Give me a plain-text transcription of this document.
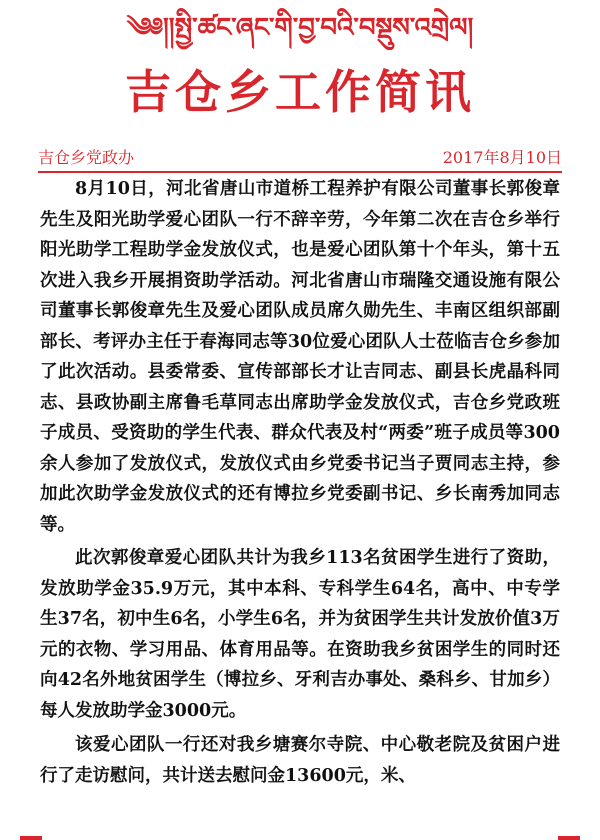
༄༅།།སྤྱི་ཚང་ཞང་གི་བྱ་བའི་བསྡུས་འགྲེལ།
吉仓乡工作简讯
吉仓乡党政办	2017年8月10日

8月10日，河北省唐山市道桥工程养护有限公司董事长郭俊章先生及阳光助学爱心团队一行不辞辛劳，今年第二次在吉仓乡举行阳光助学工程助学金发放仪式，也是爱心团队第十个年头，第十五次进入我乡开展捐资助学活动。河北省唐山市瑞隆交通设施有限公司董事长郭俊章先生及爱心团队成员席久勋先生、丰南区组织部副部长、考评办主任于春海同志等30位爱心团队人士莅临吉仓乡参加了此次活动。县委常委、宣传部部长才让吉同志、副县长虎晶科同志、县政协副主席鲁毛草同志出席助学金发放仪式，吉仓乡党政班子成员、受资助的学生代表、群众代表及村“两委”班子成员等300余人参加了发放仪式，发放仪式由乡党委书记当子贾同志主持，参加此次助学金发放仪式的还有博拉乡党委副书记、乡长南秀加同志等。

此次郭俊章爱心团队共计为我乡113名贫困学生进行了资助，发放助学金35.9万元，其中本科、专科学生64名，高中、中专学生37名，初中生6名，小学生6名，并为贫困学生共计发放价值3万元的衣物、学习用品、体育用品等。在资助我乡贫困学生的同时还向42名外地贫困学生（博拉乡、牙利吉办事处、桑科乡、甘加乡）每人发放助学金3000元。

该爱心团队一行还对我乡塘赛尔寺院、中心敬老院及贫困户进行了走访慰问，共计送去慰问金13600元，米、
